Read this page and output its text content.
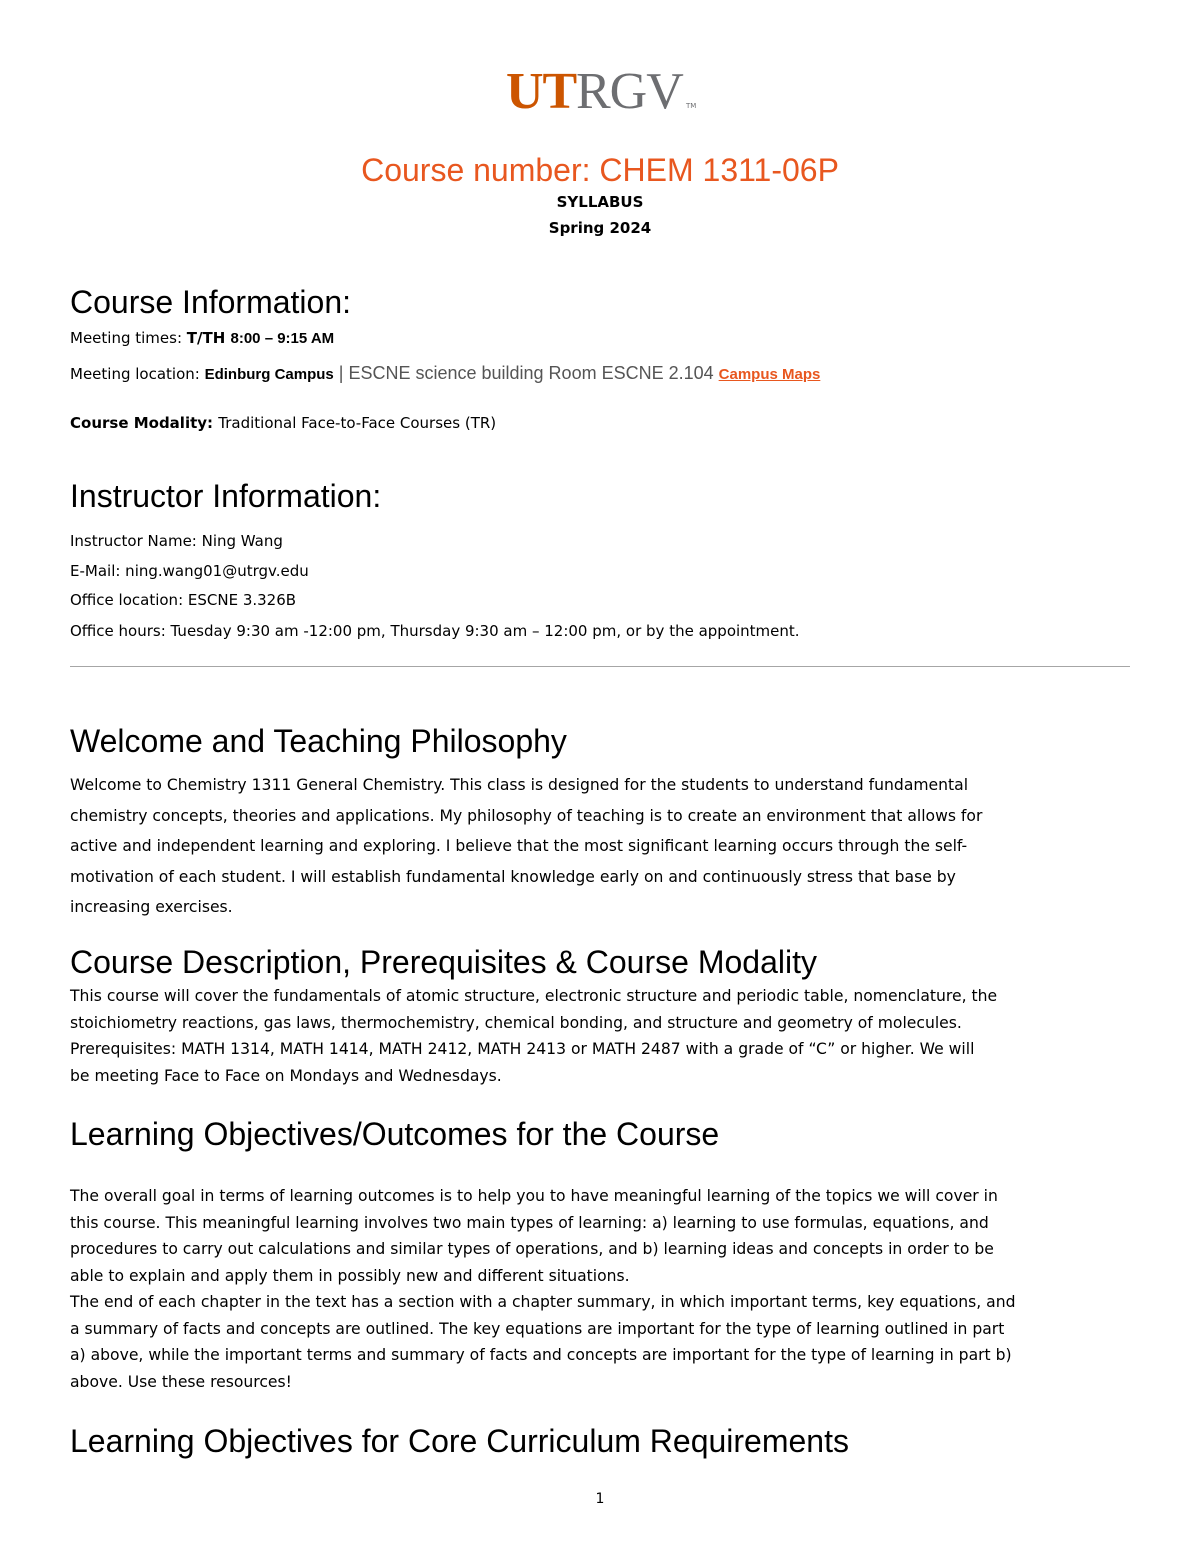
UT RGV TM
Course number: CHEM 1311-06P
SYLLABUS
Spring 2024
Course Information:
Meeting times: T/TH 8:00 – 9:15 AM
Meeting location: Edinburg Campus | ESCNE science building Room ESCNE 2.104 Campus Maps
Course Modality: Traditional Face-to-Face Courses (TR)
Instructor Information:
Instructor Name: Ning Wang
E-Mail: ning.wang01@utrgv.edu
Office location: ESCNE 3.326B
Office hours: Tuesday 9:30 am -12:00 pm, Thursday 9:30 am – 12:00 pm, or by the appointment.
Welcome and Teaching Philosophy

Welcome to Chemistry 1311 General Chemistry. This class is designed for the students to understand fundamental

chemistry concepts, theories and applications. My philosophy of teaching is to create an environment that allows for

active and independent learning and exploring. I believe that the most significant learning occurs through the self-

motivation of each student. I will establish fundamental knowledge early on and continuously stress that base by

increasing exercises.

Course Description, Prerequisites & Course Modality

This course will cover the fundamentals of atomic structure, electronic structure and periodic table, nomenclature, the

stoichiometry reactions, gas laws, thermochemistry, chemical bonding, and structure and geometry of molecules.

Prerequisites: MATH 1314, MATH 1414, MATH 2412, MATH 2413 or MATH 2487 with a grade of “C” or higher. We will

be meeting Face to Face on Mondays and Wednesdays.

Learning Objectives/Outcomes for the Course

The overall goal in terms of learning outcomes is to help you to have meaningful learning of the topics we will cover in

this course. This meaningful learning involves two main types of learning: a) learning to use formulas, equations, and

procedures to carry out calculations and similar types of operations, and b) learning ideas and concepts in order to be

able to explain and apply them in possibly new and different situations.

The end of each chapter in the text has a section with a chapter summary, in which important terms, key equations, and

a summary of facts and concepts are outlined. The key equations are important for the type of learning outlined in part

a) above, while the important terms and summary of facts and concepts are important for the type of learning in part b)

above. Use these resources!

Learning Objectives for Core Curriculum Requirements
1
